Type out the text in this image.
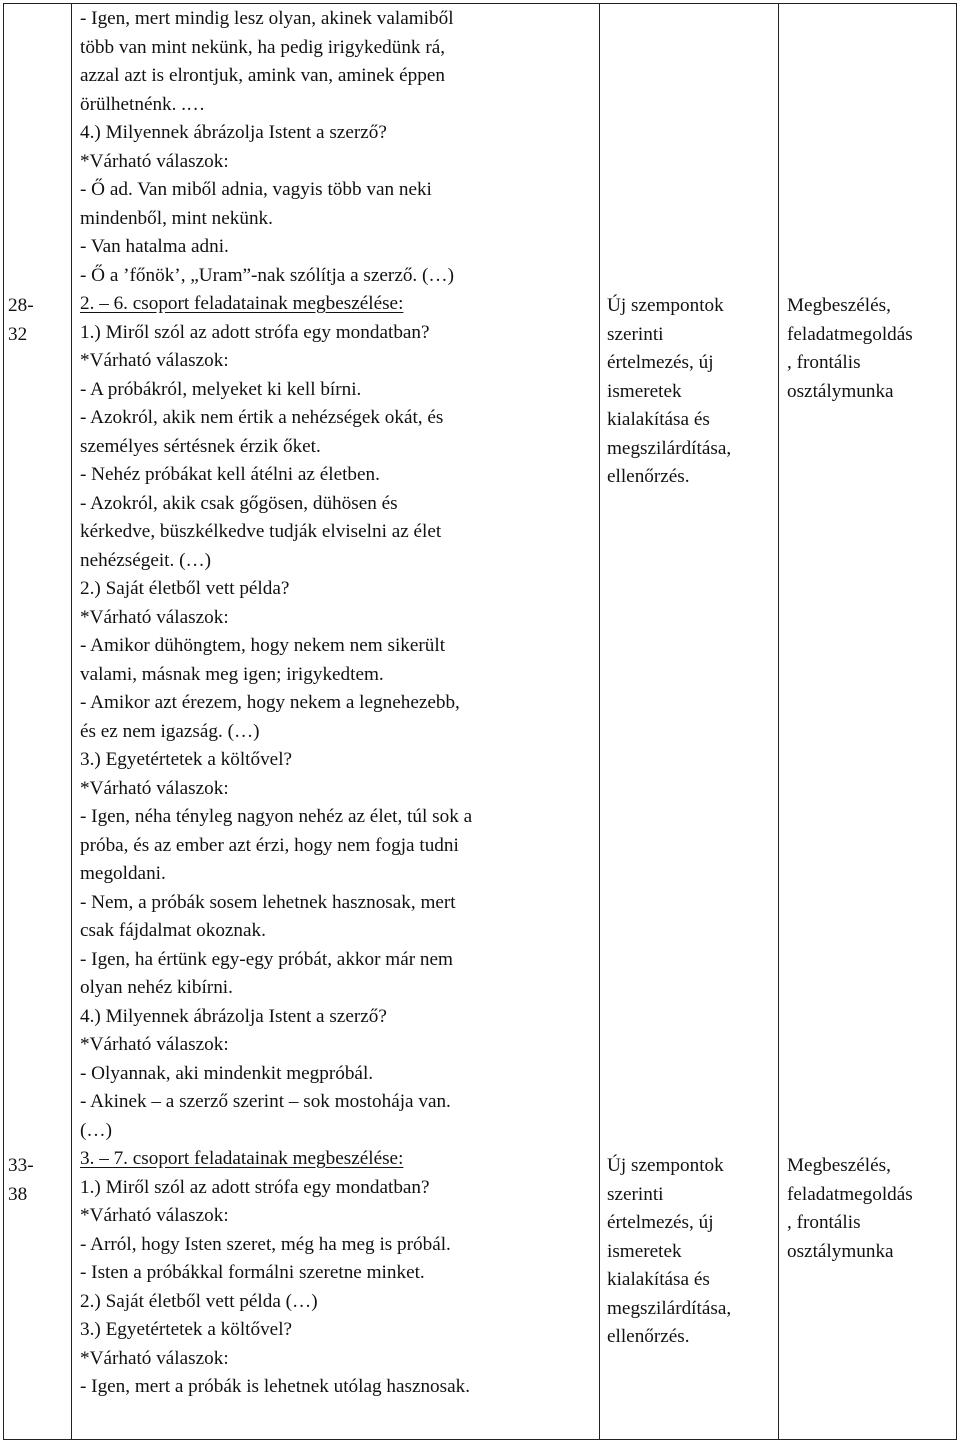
28-
32
33-
38
- Igen, mert mindig lesz olyan, akinek valamiből
több van mint nekünk, ha pedig irigykedünk rá,
azzal azt is elrontjuk, amink van, aminek éppen
örülhetnénk. .…
4.) Milyennek ábrázolja Istent a szerző?
*Várható válaszok:
- Ő ad. Van miből adnia, vagyis több van neki
mindenből, mint nekünk.
- Van hatalma adni.
- Ő a ’főnök’, „Uram”-nak szólítja a szerző. (…)
2. – 6. csoport feladatainak megbeszélése:
1.) Miről szól az adott strófa egy mondatban?
*Várható válaszok:
- A próbákról, melyeket ki kell bírni.
- Azokról, akik nem értik a nehézségek okát, és
személyes sértésnek érzik őket.
- Nehéz próbákat kell átélni az életben.
- Azokról, akik csak gőgösen, dühösen és
kérkedve, büszkélkedve tudják elviselni az élet
nehézségeit. (…)
2.) Saját életből vett példa?
*Várható válaszok:
- Amikor dühöngtem, hogy nekem nem sikerült
valami, másnak meg igen; irigykedtem.
- Amikor azt érezem, hogy nekem a legnehezebb,
és ez nem igazság. (…)
3.) Egyetértetek a költővel?
*Várható válaszok:
- Igen, néha tényleg nagyon nehéz az élet, túl sok a
próba, és az ember azt érzi, hogy nem fogja tudni
megoldani.
- Nem, a próbák sosem lehetnek hasznosak, mert
csak fájdalmat okoznak.
- Igen, ha értünk egy-egy próbát, akkor már nem
olyan nehéz kibírni.
4.) Milyennek ábrázolja Istent a szerző?
*Várható válaszok:
- Olyannak, aki mindenkit megpróbál.
- Akinek – a szerző szerint – sok mostohája van.
(…)
3. – 7. csoport feladatainak megbeszélése:
1.) Miről szól az adott strófa egy mondatban?
*Várható válaszok:
- Arról, hogy Isten szeret, még ha meg is próbál.
- Isten a próbákkal formálni szeretne minket.
2.) Saját életből vett példa (…)
3.) Egyetértetek a költővel?
*Várható válaszok:
- Igen, mert a próbák is lehetnek utólag hasznosak.
Új szempontok
szerinti
értelmezés, új
ismeretek
kialakítása és
megszilárdítása,
ellenőrzés.
Új szempontok
szerinti
értelmezés, új
ismeretek
kialakítása és
megszilárdítása,
ellenőrzés.
Megbeszélés,
feladatmegoldás
, frontális
osztálymunka
Megbeszélés,
feladatmegoldás
, frontális
osztálymunka
